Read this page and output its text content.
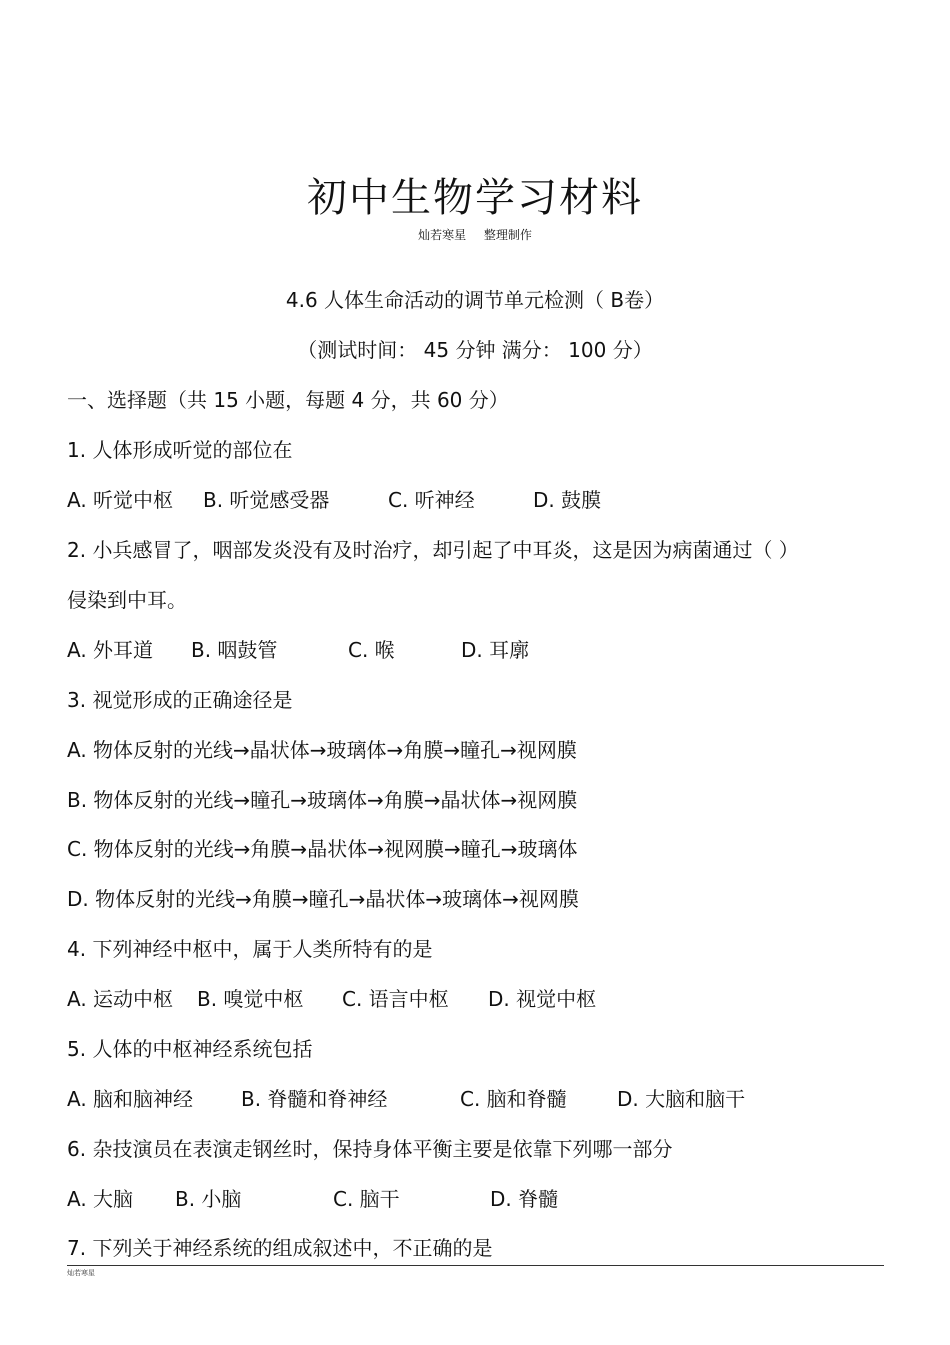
初中生物学习材料
灿若寒星 整理制作
4.6 人体生命活动的调节单元检测（ B卷）
（测试时间： 45 分钟 满分： 100 分）
一、选择题（共 15 小题，每题 4 分，共 60 分）
1. 人体形成听觉的部位在
A. 听觉中枢 B. 听觉感受器	C. 听神经	D. 鼓膜
2. 小兵感冒了，咽部发炎没有及时治疗，却引起了中耳炎，这是因为病菌通过（ ）
侵染到中耳。
A. 外耳道 B. 咽鼓管	C. 喉	D. 耳廓
3. 视觉形成的正确途径是
A. 物体反射的光线→晶状体→玻璃体→角膜→瞳孔→视网膜
B. 物体反射的光线→瞳孔→玻璃体→角膜→晶状体→视网膜
C. 物体反射的光线→角膜→晶状体→视网膜→瞳孔→玻璃体
D. 物体反射的光线→角膜→瞳孔→晶状体→玻璃体→视网膜
4. 下列神经中枢中，属于人类所特有的是
A. 运动中枢 B. 嗅觉中枢 C. 语言中枢 D. 视觉中枢
5. 人体的中枢神经系统包括
A. 脑和脑神经 B. 脊髓和脊神经	C. 脑和脊髓	D. 大脑和脑干
6. 杂技演员在表演走钢丝时，保持身体平衡主要是依靠下列哪一部分
A. 大脑 B. 小脑	C. 脑干	D. 脊髓
7. 下列关于神经系统的组成叙述中，不正确的是
灿若寒星
